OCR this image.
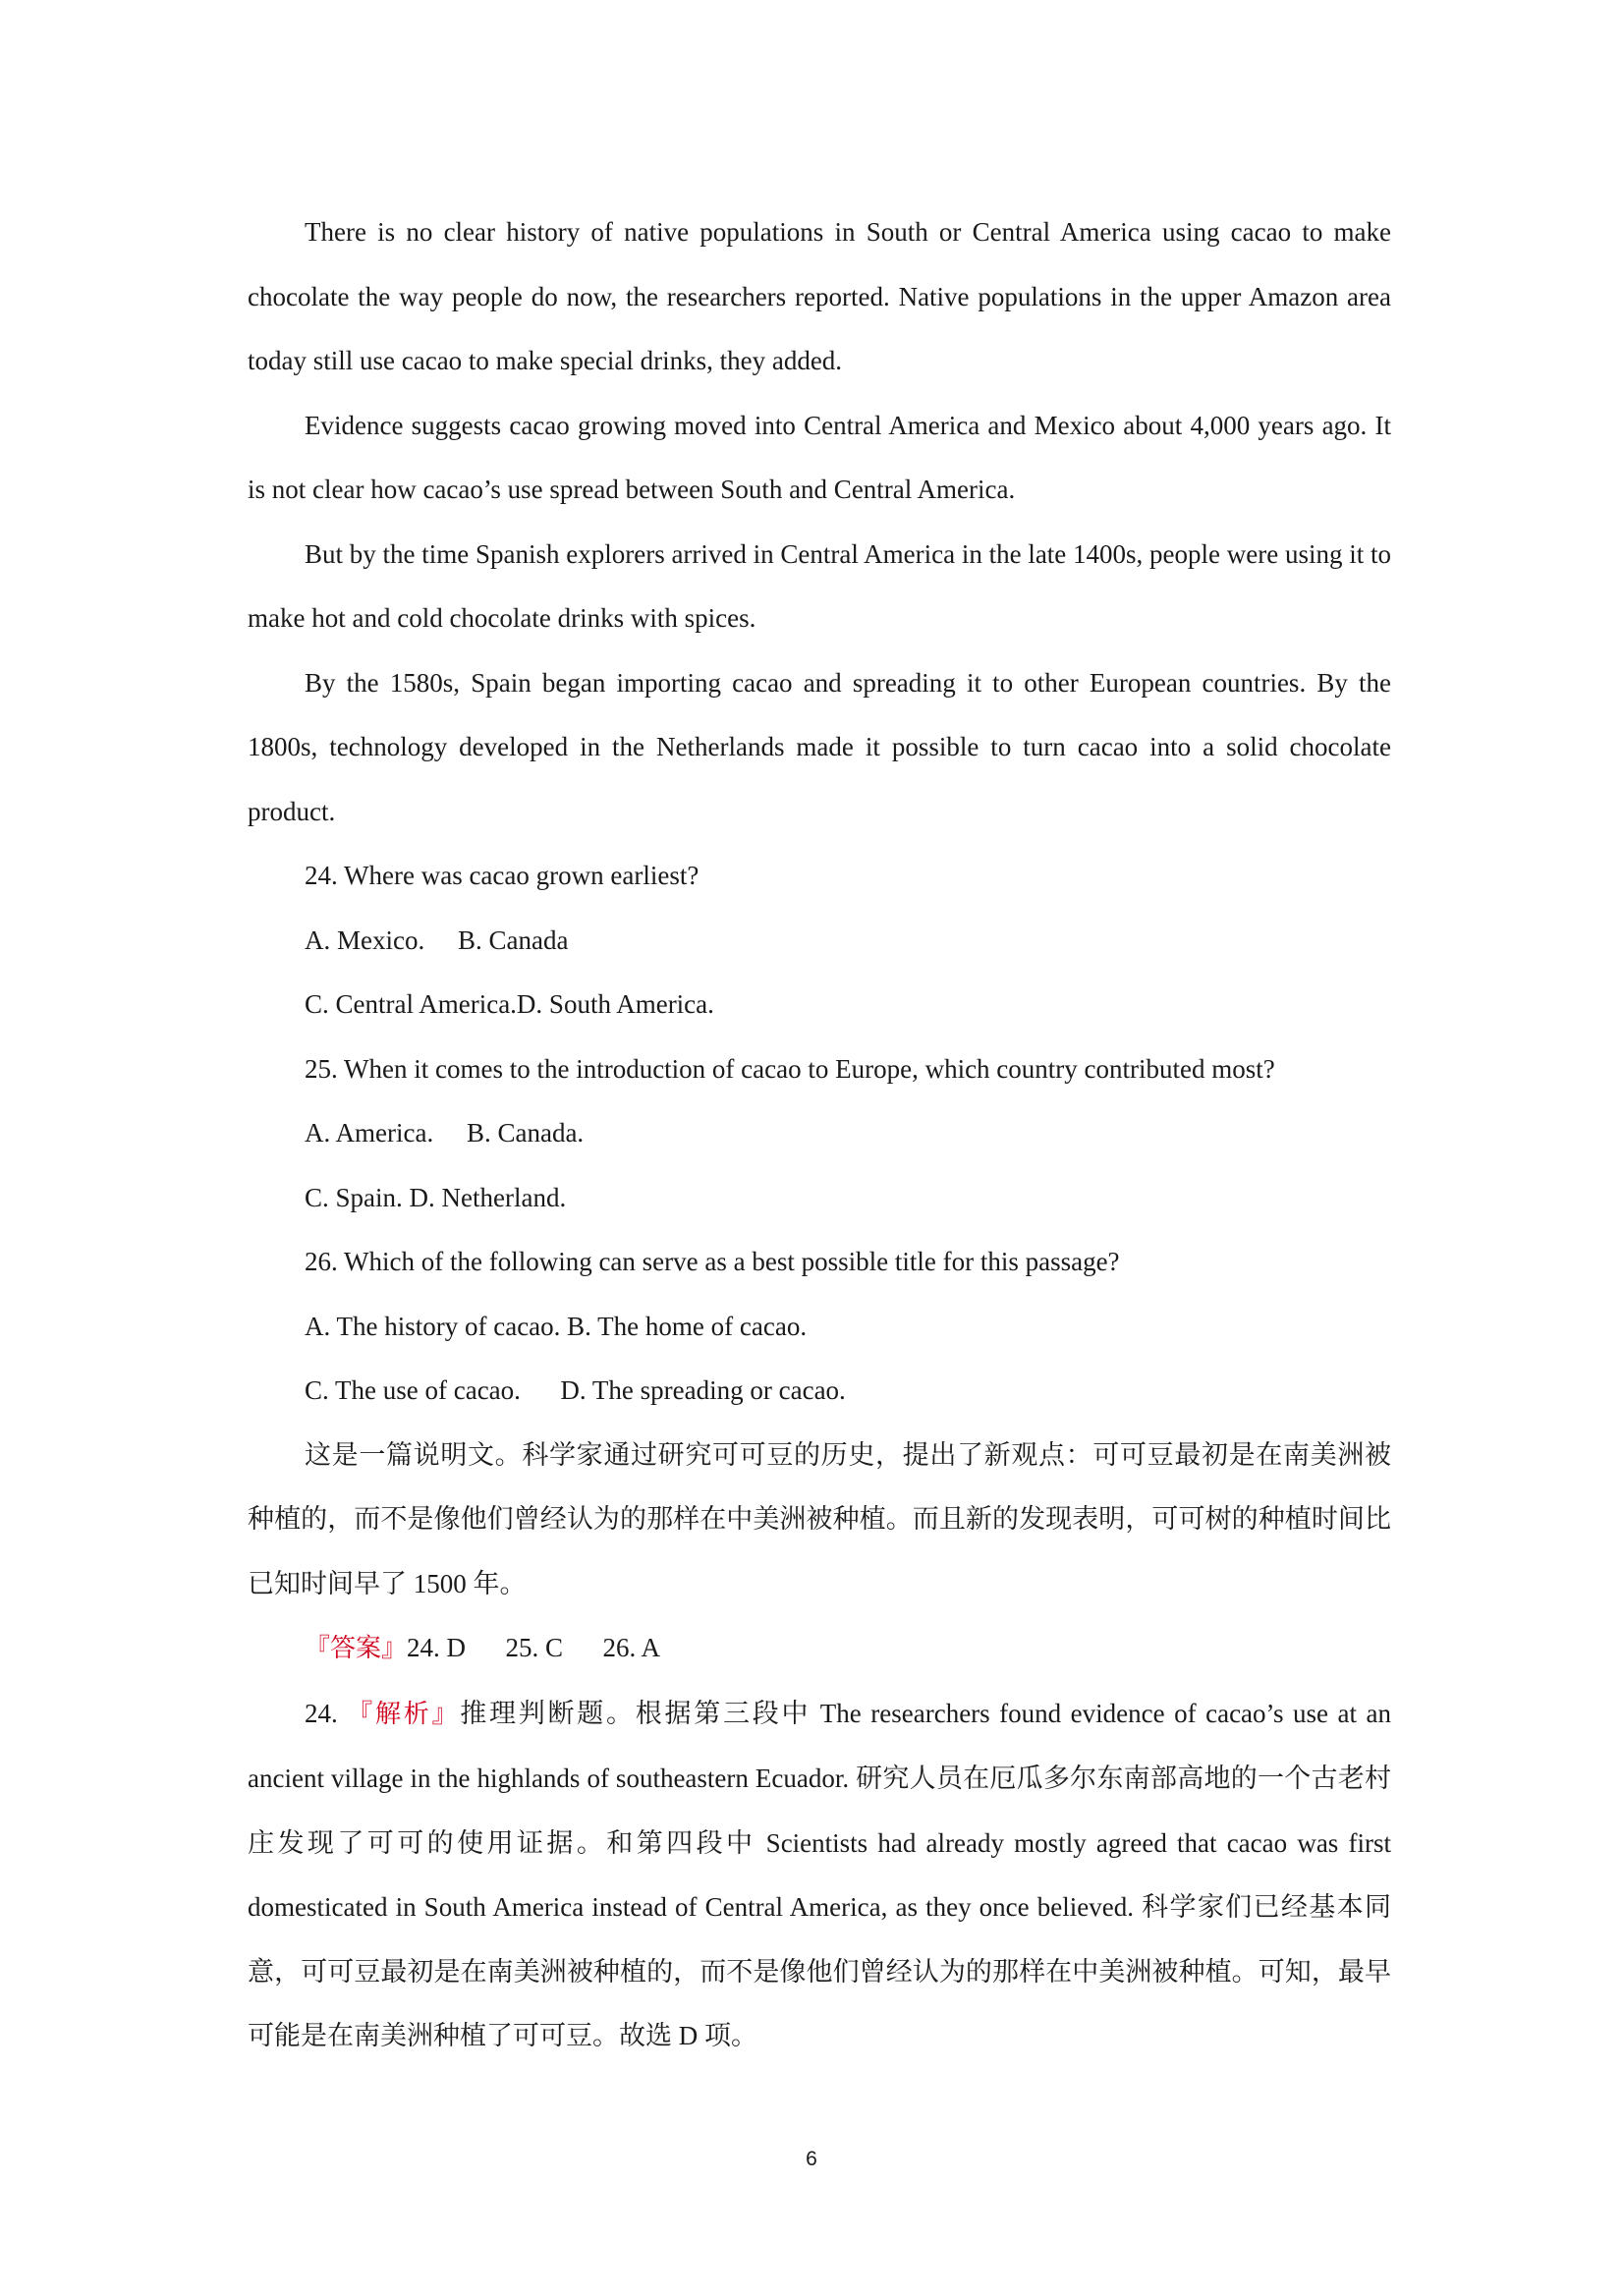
There is no clear history of native populations in South or Central America using cacao to make chocolate the way people do now, the researchers reported. Native populations in the upper Amazon area today still use cacao to make special drinks, they added.

Evidence suggests cacao growing moved into Central America and Mexico about 4,000 years ago. It is not clear how cacao’s use spread between South and Central America.

But by the time Spanish explorers arrived in Central America in the late 1400s, people were using it to make hot and cold chocolate drinks with spices.

By the 1580s, Spain began importing cacao and spreading it to other European countries. By the 1800s, technology developed in the Netherlands made it possible to turn cacao into a solid chocolate product.

24. Where was cacao grown earliest?

A. Mexico.     B. Canada

C. Central America.D. South America.

25. When it comes to the introduction of cacao to Europe, which country contributed most?

A. America.     B. Canada.

C. Spain. D. Netherland.

26. Which of the following can serve as a best possible title for this passage?

A. The history of cacao. B. The home of cacao.

C. The use of cacao.      D. The spreading or cacao.

这是一篇说明文。科学家通过研究可可豆的历史，提出了新观点：可可豆最初是在南美洲被种植的，而不是像他们曾经认为的那样在中美洲被种植。而且新的发现表明，可可树的种植时间比已知时间早了 1500 年。

『答案』24. D      25. C      26. A

24. 『解析』推理判断题。根据第三段中 The researchers found evidence of cacao’s use at an ancient village in the highlands of southeastern Ecuador. 研究人员在厄瓜多尔东南部高地的一个古老村庄发现了可可的使用证据。和第四段中 Scientists had already mostly agreed that cacao was first domesticated in South America instead of Central America, as they once believed. 科学家们已经基本同意，可可豆最初是在南美洲被种植的，而不是像他们曾经认为的那样在中美洲被种植。可知，最早可能是在南美洲种植了可可豆。故选 D 项。

6
